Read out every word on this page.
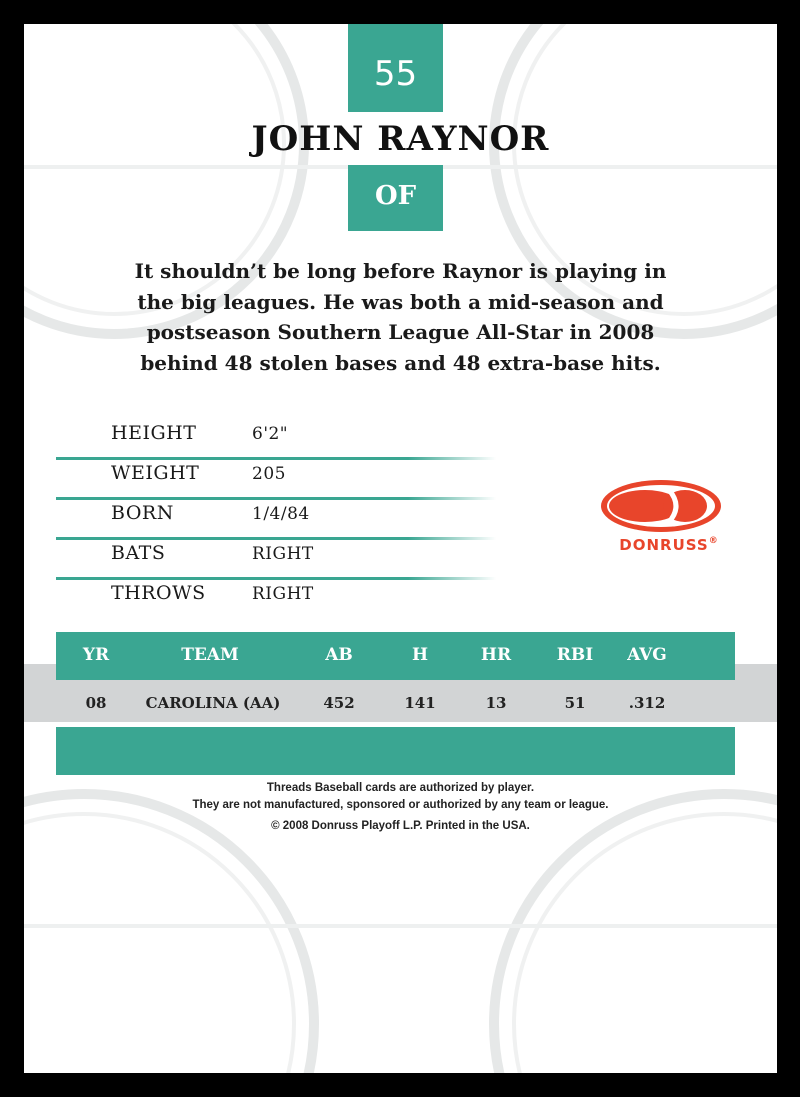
55
JOHN RAYNOR
OF
It shouldn’t be long before Raynor is playing in the big leagues. He was both a mid-season and postseason Southern League All-Star in 2008 behind 48 stolen bases and 48 extra-base hits.
HEIGHT	6'2"
WEIGHT	205
BORN	1/4/84
BATS	RIGHT
THROWS	RIGHT
DONRUSS®
YR	TEAM	AB	H	HR	RBI	AVG
08	CAROLINA (AA)	452	141	13	51	.312
Threads Baseball cards are authorized by player.
They are not manufactured, sponsored or authorized by any team or league.
© 2008 Donruss Playoff L.P. Printed in the USA.
